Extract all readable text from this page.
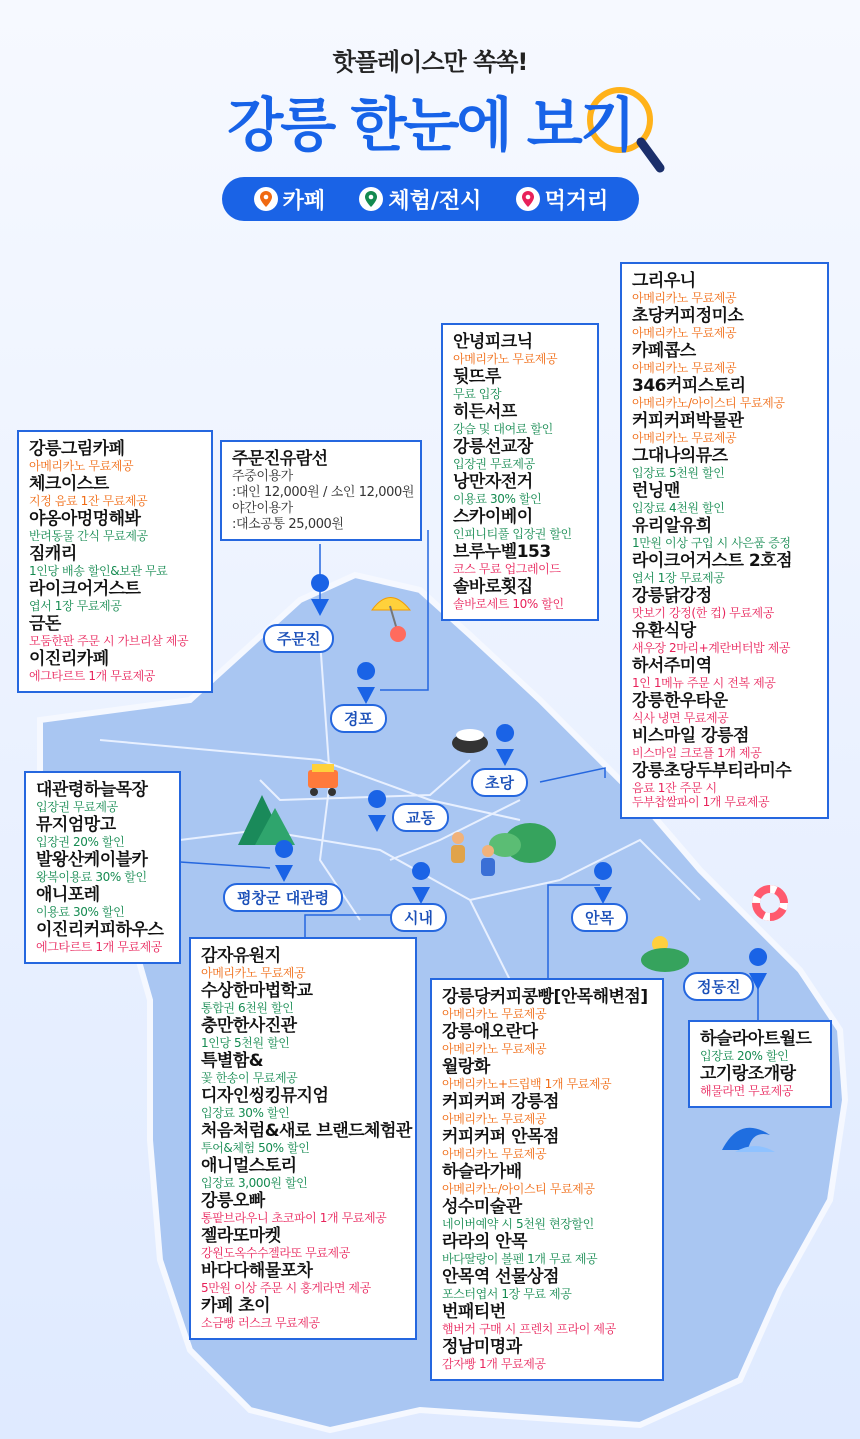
핫플레이스만 쏙쏙!
강릉 한눈에 보기
카페	체험/전시	먹거리
주문진
경포
초당
교동
평창군 대관령
시내	안목
정동진
강릉그림카페
아메리카노 무료제공
체크이스트
지정 음료 1잔 무료제공
야옹아멍멍해봐
반려동물 간식 무료제공
짐캐리
1인당 배송 할인&보관 무료
라이크어거스트
엽서 1장 무료제공
금돈
모둠한판 주문 시 가브리살 제공
이진리카페
에그타르트 1개 무료제공
주문진유람선
주중이용가
:대인 12,000원 / 소인 12,000원
야간이용가
:대소공통 25,000원
안녕피크닉
아메리카노 무료제공
뒷뜨루
무료 입장
히든서프
강습 및 대여료 할인
강릉선교장
입장권 무료제공
낭만자전거
이용료 30% 할인
스카이베이
인피니티풀 입장권 할인
브루누벨153
코스 무료 업그레이드
솔바로횟집
솔바로세트 10% 할인
그리우니
아메리카노 무료제공
초당커피정미소
아메리카노 무료제공
카페콥스
아메리카노 무료제공
346커피스토리
아메리카노/아이스티 무료제공
커피커퍼박물관
아메리카노 무료제공
그대나의뮤즈
입장료 5천원 할인
런닝맨
입장료 4천원 할인
유리알유희
1만원 이상 구입 시 사은품 증정
라이크어거스트 2호점
엽서 1장 무료제공
강릉닭강정
맛보기 강정(한 컵) 무료제공
유환식당
새우장 2마리+계란버터밥 제공
하서주미역
1인 1메뉴 주문 시 전복 제공
강릉한우타운
식사 냉면 무료제공
비스마일 강릉점
비스마일 크로플 1개 제공
강릉초당두부티라미수
음료 1잔 주문 시
두부찹쌀파이 1개 무료제공
대관령하늘목장
입장권 무료제공
뮤지엄망고
입장권 20% 할인
발왕산케이블카
왕복이용료 30% 할인
애니포레
이용료 30% 할인
이진리커피하우스
에그타르트 1개 무료제공	감자유원지
아메리카노 무료제공
수상한마법학교
통합권 6천원 할인
충만한사진관
1인당 5천원 할인
특별함&
꽃 한송이 무료제공
디자인씽킹뮤지엄
입장료 30% 할인
처음처럼&새로 브랜드체험관
투어&체험 50% 할인
애니멀스토리
입장료 3,000원 할인
강릉오빠
통팥브라우니 초코파이 1개 무료제공
젤라또마켓
강원도옥수수젤라또 무료제공
바다다해물포차
5만원 이상 주문 시 홍게라면 제공
카페 초이
소금빵 러스크 무료제공
강릉당커피콩빵[안목해변점]
아메리카노 무료제공
강릉애오란다
아메리카노 무료제공
월랑화
아메리카노+드립백 1개 무료제공
커피커퍼 강릉점
아메리카노 무료제공
커피커퍼 안목점
아메리카노 무료제공
하슬라가배
아메리카노/아이스티 무료제공
성수미술관
네이버예약 시 5천원 현장할인
라라의 안목
바다딸랑이 볼펜 1개 무료 제공
안목역 선물상점
포스터엽서 1장 무료 제공
번패티번
햄버거 구매 시 프렌치 프라이 제공
정남미명과
감자빵 1개 무료제공
하슬라아트월드
입장료 20% 할인
고기랑조개랑
해물라면 무료제공
